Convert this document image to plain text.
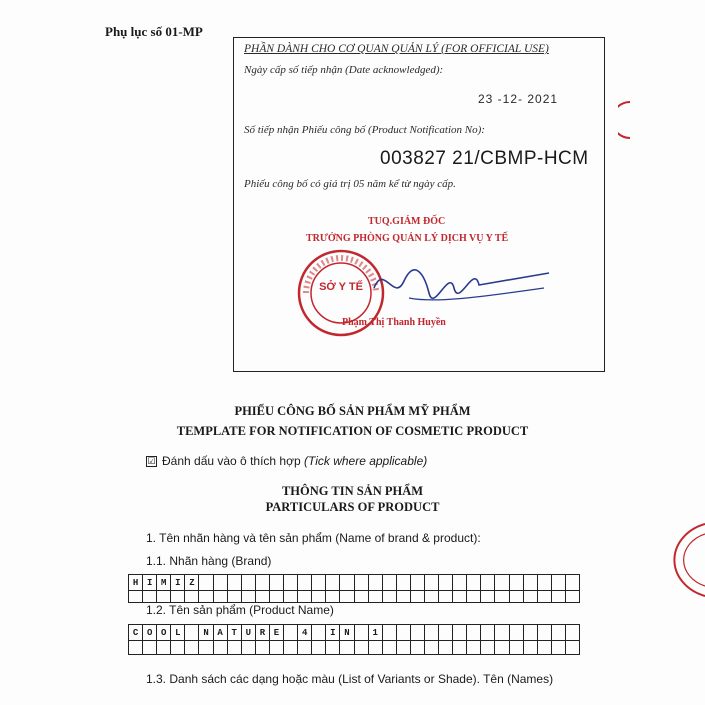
Phụ lục số 01-MP
PHẦN DÀNH CHO CƠ QUAN QUẢN LÝ (FOR OFFICIAL USE)
Ngày cấp số tiếp nhận (Date acknowledged):
23 -12- 2021
Số tiếp nhận Phiếu công bố (Product Notification No):
003827 21/CBMP-HCM
Phiếu công bố có giá trị 05 năm kể từ ngày cấp.
SỞ Y TẾ
TUQ.GIÁM ĐỐC
TRƯỞNG PHÒNG QUẢN LÝ DỊCH VỤ Y TẾ
Phạm Thị Thanh Huyền
PHIẾU CÔNG BỐ SẢN PHẨM MỸ PHẨM
TEMPLATE FOR NOTIFICATION OF COSMETIC PRODUCT
☑ Đánh dấu vào ô thích hợp (Tick where applicable)
THÔNG TIN SẢN PHẨM
PARTICULARS OF PRODUCT
1. Tên nhãn hàng và tên sản phẩm (Name of brand & product):
1.1. Nhãn hàng (Brand)
H I M I Z
1.2. Tên sản phẩm (Product Name)
C O O L	N A T U R E	4	I N	1
1.3. Danh sách các dạng hoặc màu (List of Variants or Shade). Tên (Names)
